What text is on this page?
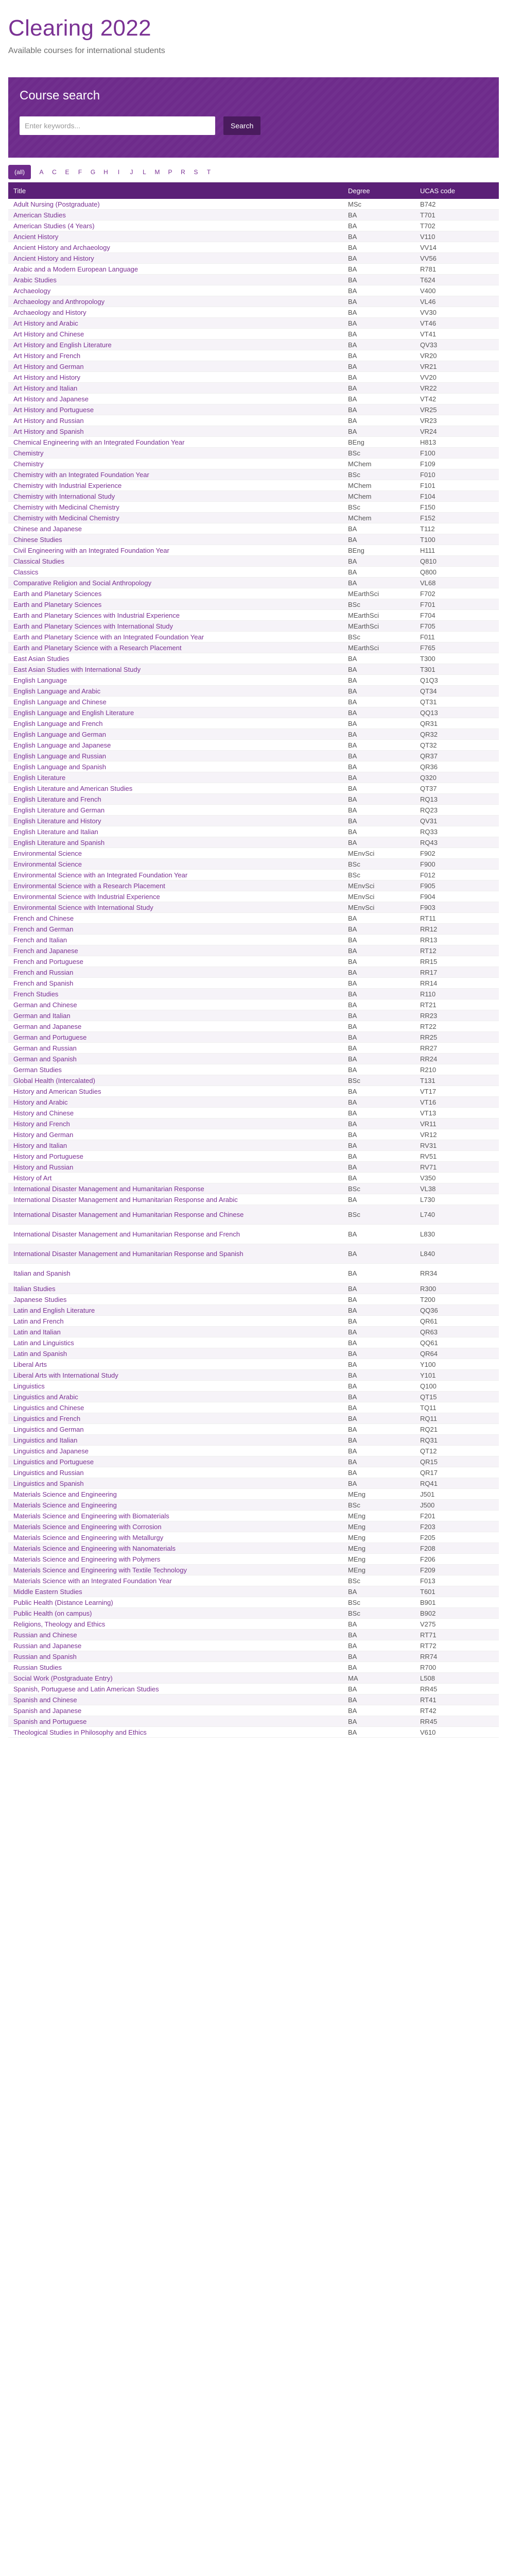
Clearing 2022

Available courses for international students

Course search
Enter keywords...
Search
(all)	A	C	E	F	G	H	I	J	L	M	P	R	S	T
Title	Degree	UCAS code
Adult Nursing (Postgraduate)	MSc	B742
American Studies	BA	T701
American Studies (4 Years)	BA	T702
Ancient History	BA	V110
Ancient History and Archaeology	BA	VV14
Ancient History and History	BA	VV56
Arabic and a Modern European Language	BA	R781
Arabic Studies	BA	T624
Archaeology	BA	V400
Archaeology and Anthropology	BA	VL46
Archaeology and History	BA	VV30
Art History and Arabic	BA	VT46
Art History and Chinese	BA	VT41
Art History and English Literature	BA	QV33
Art History and French	BA	VR20
Art History and German	BA	VR21
Art History and History	BA	VV20
Art History and Italian	BA	VR22
Art History and Japanese	BA	VT42
Art History and Portuguese	BA	VR25
Art History and Russian	BA	VR23
Art History and Spanish	BA	VR24
Chemical Engineering with an Integrated Foundation Year	BEng	H813
Chemistry	BSc	F100
Chemistry	MChem	F109
Chemistry with an Integrated Foundation Year	BSc	F010
Chemistry with Industrial Experience	MChem	F101
Chemistry with International Study	MChem	F104
Chemistry with Medicinal Chemistry	BSc	F150
Chemistry with Medicinal Chemistry	MChem	F152
Chinese and Japanese	BA	T112
Chinese Studies	BA	T100
Civil Engineering with an Integrated Foundation Year	BEng	H111
Classical Studies	BA	Q810
Classics	BA	Q800
Comparative Religion and Social Anthropology	BA	VL68
Earth and Planetary Sciences	MEarthSci	F702
Earth and Planetary Sciences	BSc	F701
Earth and Planetary Sciences with Industrial Experience	MEarthSci	F704
Earth and Planetary Sciences with International Study	MEarthSci	F705
Earth and Planetary Science with an Integrated Foundation Year	BSc	F011
Earth and Planetary Science with a Research Placement	MEarthSci	F765
East Asian Studies	BA	T300
East Asian Studies with International Study	BA	T301
English Language	BA	Q1Q3
English Language and Arabic	BA	QT34
English Language and Chinese	BA	QT31
English Language and English Literature	BA	QQ13
English Language and French	BA	QR31
English Language and German	BA	QR32
English Language and Japanese	BA	QT32
English Language and Russian	BA	QR37
English Language and Spanish	BA	QR36
English Literature	BA	Q320
English Literature and American Studies	BA	QT37
English Literature and French	BA	RQ13
English Literature and German	BA	RQ23
English Literature and History	BA	QV31
English Literature and Italian	BA	RQ33
English Literature and Spanish	BA	RQ43
Environmental Science	MEnvSci	F902
Environmental Science	BSc	F900
Environmental Science with an Integrated Foundation Year	BSc	F012
Environmental Science with a Research Placement	MEnvSci	F905
Environmental Science with Industrial Experience	MEnvSci	F904
Environmental Science with International Study	MEnvSci	F903
French and Chinese	BA	RT11
French and German	BA	RR12
French and Italian	BA	RR13
French and Japanese	BA	RT12
French and Portuguese	BA	RR15
French and Russian	BA	RR17
French and Spanish	BA	RR14
French Studies	BA	R110
German and Chinese	BA	RT21
German and Italian	BA	RR23
German and Japanese	BA	RT22
German and Portuguese	BA	RR25
German and Russian	BA	RR27
German and Spanish	BA	RR24
German Studies	BA	R210
Global Health (Intercalated)	BSc	T131
History and American Studies	BA	VT17
History and Arabic	BA	VT16
History and Chinese	BA	VT13
History and French	BA	VR11
History and German	BA	VR12
History and Italian	BA	RV31
History and Portuguese	BA	RV51
History and Russian	BA	RV71
History of Art	BA	V350
International Disaster Management and Humanitarian Response	BSc	VL38
International Disaster Management and Humanitarian Response and Arabic	BA	L730
International Disaster Management and Humanitarian Response and Chinese	BSc	L740
International Disaster Management and Humanitarian Response and French	BA	L830
International Disaster Management and Humanitarian Response and Spanish	BA	L840
Italian and Spanish	BA	RR34
Italian Studies	BA	R300
Japanese Studies	BA	T200
Latin and English Literature	BA	QQ36
Latin and French	BA	QR61
Latin and Italian	BA	QR63
Latin and Linguistics	BA	QQ61
Latin and Spanish	BA	QR64
Liberal Arts	BA	Y100
Liberal Arts with International Study	BA	Y101
Linguistics	BA	Q100
Linguistics and Arabic	BA	QT15
Linguistics and Chinese	BA	TQ11
Linguistics and French	BA	RQ11
Linguistics and German	BA	RQ21
Linguistics and Italian	BA	RQ31
Linguistics and Japanese	BA	QT12
Linguistics and Portuguese	BA	QR15
Linguistics and Russian	BA	QR17
Linguistics and Spanish	BA	RQ41
Materials Science and Engineering	MEng	J501
Materials Science and Engineering	BSc	J500
Materials Science and Engineering with Biomaterials	MEng	F201
Materials Science and Engineering with Corrosion	MEng	F203
Materials Science and Engineering with Metallurgy	MEng	F205
Materials Science and Engineering with Nanomaterials	MEng	F208
Materials Science and Engineering with Polymers	MEng	F206
Materials Science and Engineering with Textile Technology	MEng	F209
Materials Science with an Integrated Foundation Year	BSc	F013
Middle Eastern Studies	BA	T601
Public Health (Distance Learning)	BSc	B901
Public Health (on campus)	BSc	B902
Religions, Theology and Ethics	BA	V275
Russian and Chinese	BA	RT71
Russian and Japanese	BA	RT72
Russian and Spanish	BA	RR74
Russian Studies	BA	R700
Social Work (Postgraduate Entry)	MA	L508
Spanish, Portuguese and Latin American Studies	BA	RR45
Spanish and Chinese	BA	RT41
Spanish and Japanese	BA	RT42
Spanish and Portuguese	BA	RR45
Theological Studies in Philosophy and Ethics	BA	V610
